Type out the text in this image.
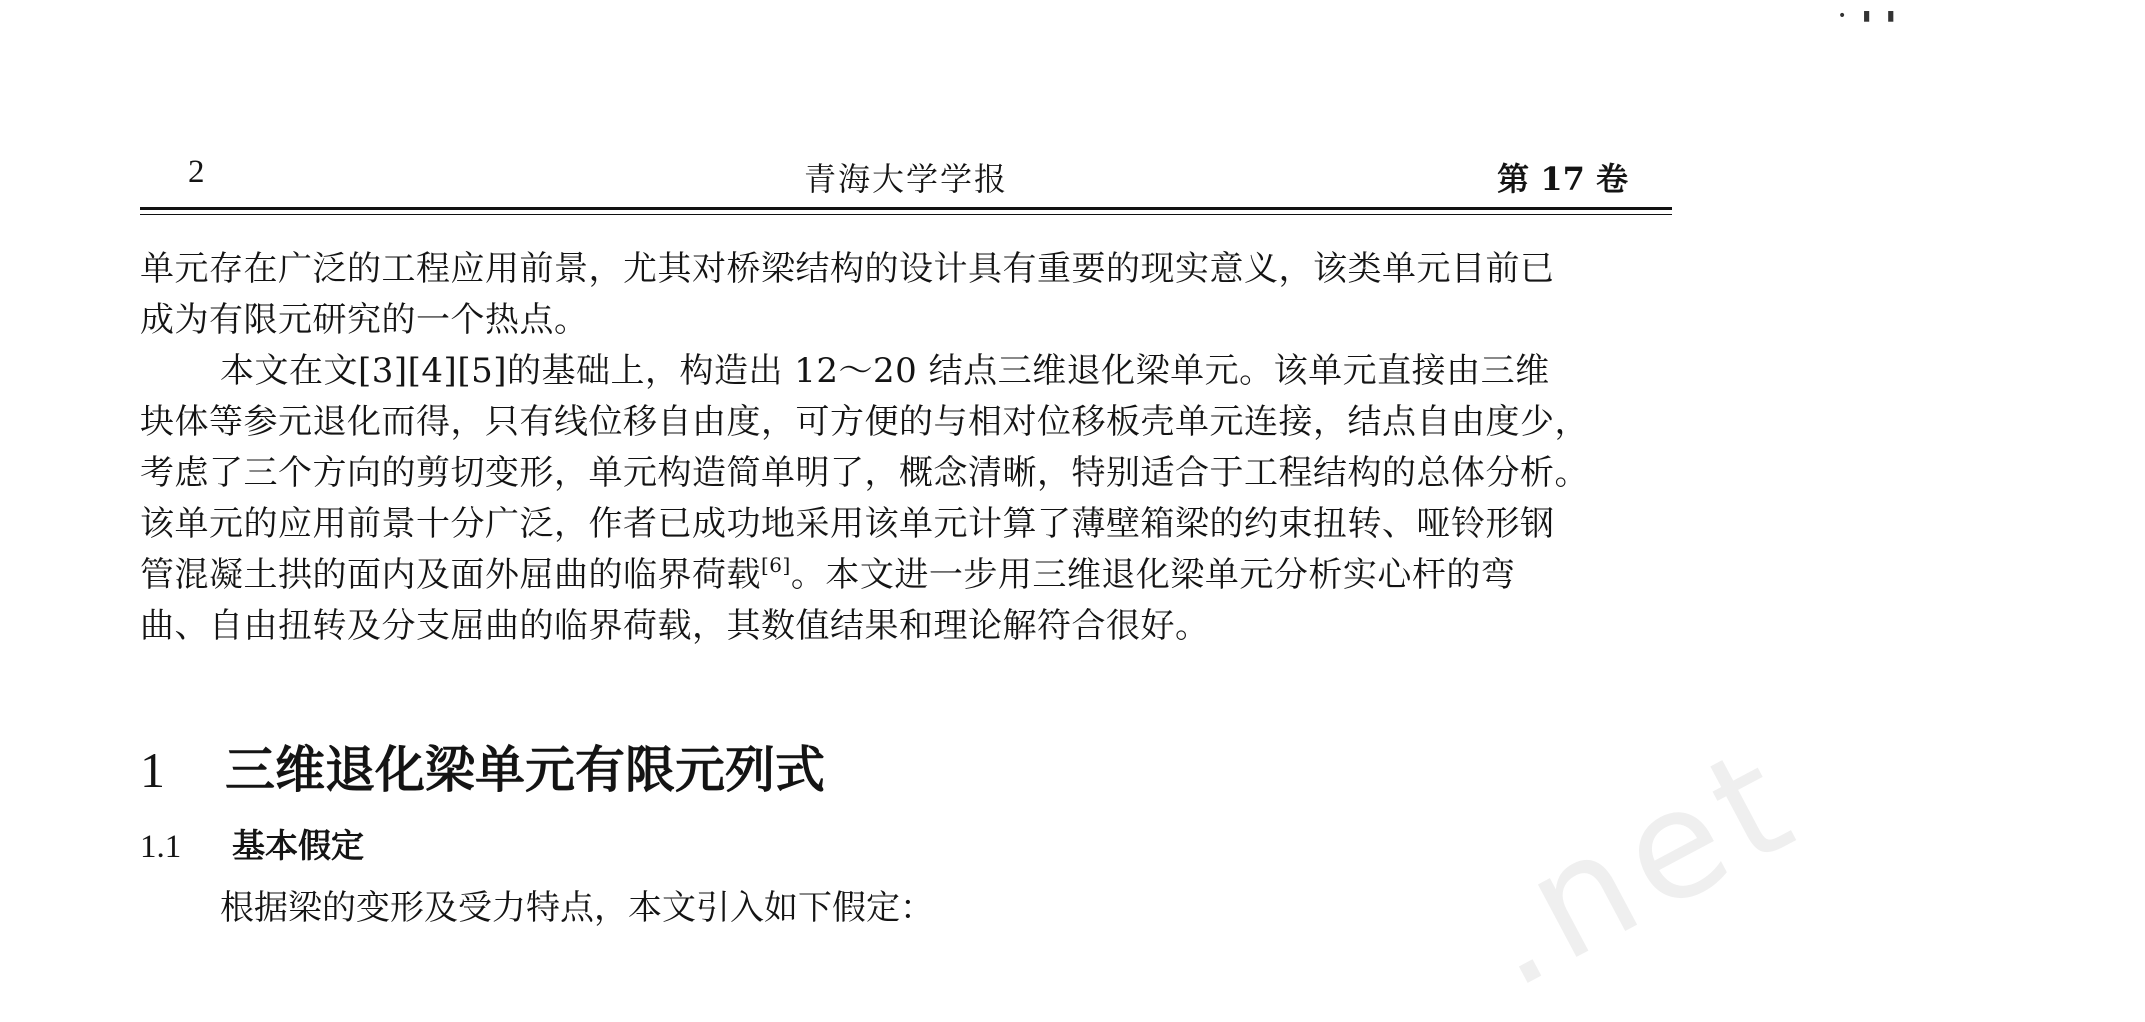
• ▮ ▮
.net
2	青海大学学报	第 17 卷
单元存在广泛的工程应用前景，尤其对桥梁结构的设计具有重要的现实意义，该类单元目前已
成为有限元研究的一个热点。
本文在文[3][4][5]的基础上，构造出 12～20 结点三维退化梁单元。该单元直接由三维
块体等参元退化而得，只有线位移自由度，可方便的与相对位移板壳单元连接，结点自由度少，
考虑了三个方向的剪切变形，单元构造简单明了，概念清晰，特别适合于工程结构的总体分析。
该单元的应用前景十分广泛，作者已成功地采用该单元计算了薄壁箱梁的约束扭转、哑铃形钢
管混凝土拱的面内及面外屈曲的临界荷载[6]。本文进一步用三维退化梁单元分析实心杆的弯
曲、自由扭转及分支屈曲的临界荷载，其数值结果和理论解符合很好。
1 三维退化梁单元有限元列式
1.1 基本假定
根据梁的变形及受力特点，本文引入如下假定：
